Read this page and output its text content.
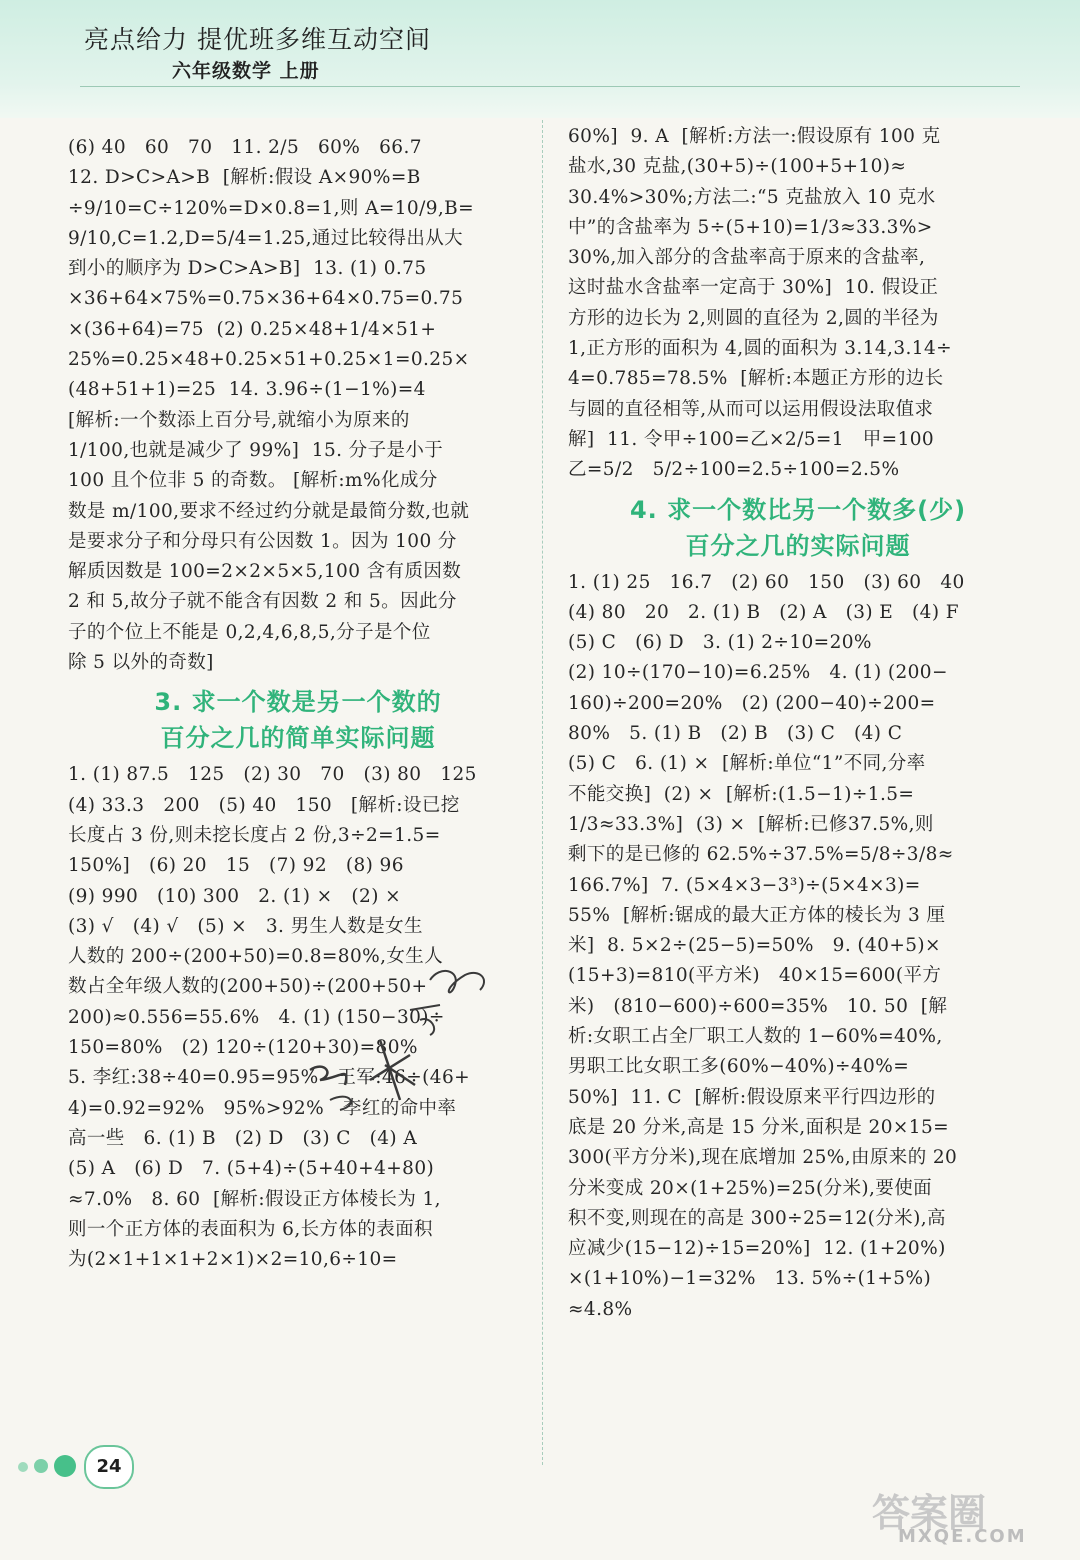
亮点给力 提优班多维互动空间
六年级数学 上册
(6) 40   60   70   11. 2/5   60%   66.7
12. D>C>A>B  [解析:假设 A×90%=B
÷9/10=C÷120%=D×0.8=1,则 A=10/9,B=
9/10,C=1.2,D=5/4=1.25,通过比较得出从大
到小的顺序为 D>C>A>B]  13. (1) 0.75
×36+64×75%=0.75×36+64×0.75=0.75
×(36+64)=75  (2) 0.25×48+1/4×51+
25%=0.25×48+0.25×51+0.25×1=0.25×
(48+51+1)=25  14. 3.96÷(1−1%)=4
[解析:一个数添上百分号,就缩小为原来的
1/100,也就是减少了 99%]  15. 分子是小于
100 且个位非 5 的奇数。 [解析:m%化成分
数是 m/100,要求不经过约分就是最简分数,也就
是要求分子和分母只有公因数 1。因为 100 分
解质因数是 100=2×2×5×5,100 含有质因数
2 和 5,故分子就不能含有因数 2 和 5。因此分
子的个位上不能是 0,2,4,6,8,5,分子是个位
除 5 以外的奇数]
3. 求一个数是另一个数的
百分之几的简单实际问题
1. (1) 87.5   125   (2) 30   70   (3) 80   125
(4) 33.3   200   (5) 40   150   [解析:设已挖
长度占 3 份,则未挖长度占 2 份,3÷2=1.5=
150%]   (6) 20   15   (7) 92   (8) 96
(9) 990   (10) 300   2. (1) ×   (2) ×
(3) √   (4) √   (5) ×   3. 男生人数是女生
人数的 200÷(200+50)=0.8=80%,女生人
数占全年级人数的(200+50)÷(200+50+
200)≈0.556=55.6%   4. (1) (150−30)÷
150=80%   (2) 120÷(120+30)=80%
5. 李红:38÷40=0.95=95%   王军:46÷(46+
4)=0.92=92%   95%>92%   李红的命中率
高一些   6. (1) B   (2) D   (3) C   (4) A
(5) A   (6) D   7. (5+4)÷(5+40+4+80)
≈7.0%   8. 60  [解析:假设正方体棱长为 1,
则一个正方体的表面积为 6,长方体的表面积
为(2×1+1×1+2×1)×2=10,6÷10=
60%]  9. A  [解析:方法一:假设原有 100 克
盐水,30 克盐,(30+5)÷(100+5+10)≈
30.4%>30%;方法二:“5 克盐放入 10 克水
中”的含盐率为 5÷(5+10)=1/3≈33.3%>
30%,加入部分的含盐率高于原来的含盐率,
这时盐水含盐率一定高于 30%]  10. 假设正
方形的边长为 2,则圆的直径为 2,圆的半径为
1,正方形的面积为 4,圆的面积为 3.14,3.14÷
4=0.785=78.5%  [解析:本题正方形的边长
与圆的直径相等,从而可以运用假设法取值求
解]  11. 令甲÷100=乙×2/5=1   甲=100
乙=5/2   5/2÷100=2.5÷100=2.5%
4. 求一个数比另一个数多(少)
百分之几的实际问题
1. (1) 25   16.7   (2) 60   150   (3) 60   40
(4) 80   20   2. (1) B   (2) A   (3) E   (4) F
(5) C   (6) D   3. (1) 2÷10=20%
(2) 10÷(170−10)=6.25%   4. (1) (200−
160)÷200=20%   (2) (200−40)÷200=
80%   5. (1) B   (2) B   (3) C   (4) C
(5) C   6. (1) ×  [解析:单位“1”不同,分率
不能交换]  (2) ×  [解析:(1.5−1)÷1.5=
1/3≈33.3%]  (3) ×  [解析:已修37.5%,则
剩下的是已修的 62.5%÷37.5%=5/8÷3/8≈
166.7%]  7. (5×4×3−3³)÷(5×4×3)=
55%  [解析:锯成的最大正方体的棱长为 3 厘
米]  8. 5×2÷(25−5)=50%   9. (40+5)×
(15+3)=810(平方米)   40×15=600(平方
米)   (810−600)÷600=35%   10. 50  [解
析:女职工占全厂职工人数的 1−60%=40%,
男职工比女职工多(60%−40%)÷40%=
50%]  11. C  [解析:假设原来平行四边形的
底是 20 分米,高是 15 分米,面积是 20×15=
300(平方分米),现在底增加 25%,由原来的 20
分米变成 20×(1+25%)=25(分米),要使面
积不变,则现在的高是 300÷25=12(分米),高
应减少(15−12)÷15=20%]  12. (1+20%)
×(1+10%)−1=32%   13. 5%÷(1+5%)
≈4.8%
24
答案圈
MXQE.COM
